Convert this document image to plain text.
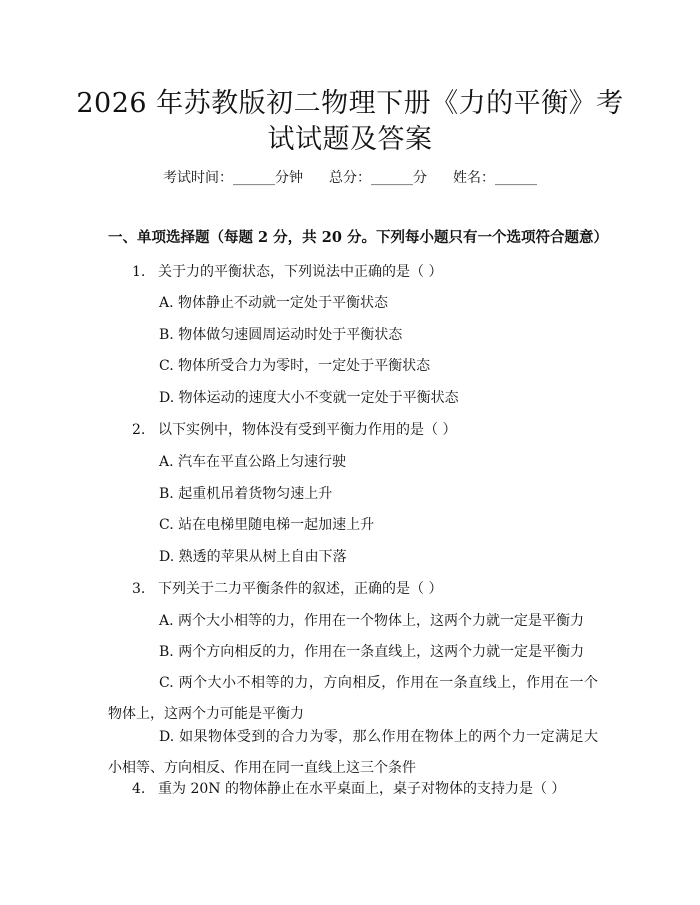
2026 年苏教版初二物理下册《力的平衡》考
试试题及答案
考试时间：______分钟 总分：______分 姓名：______
一、单项选择题（每题 2 分，共 20 分。下列每小题只有一个选项符合题意）
1. 关于力的平衡状态，下列说法中正确的是（ ）
A. 物体静止不动就一定处于平衡状态
B. 物体做匀速圆周运动时处于平衡状态
C. 物体所受合力为零时，一定处于平衡状态
D. 物体运动的速度大小不变就一定处于平衡状态
2. 以下实例中，物体没有受到平衡力作用的是（ ）
A. 汽车在平直公路上匀速行驶
B. 起重机吊着货物匀速上升
C. 站在电梯里随电梯一起加速上升
D. 熟透的苹果从树上自由下落
3. 下列关于二力平衡条件的叙述，正确的是（ ）
A. 两个大小相等的力，作用在一个物体上，这两个力就一定是平衡力
B. 两个方向相反的力，作用在一条直线上，这两个力就一定是平衡力
C. 两个大小不相等的力，方向相反，作用在一条直线上，作用在一个物体上，这两个力可能是平衡力
D. 如果物体受到的合力为零，那么作用在物体上的两个力一定满足大小相等、方向相反、作用在同一直线上这三个条件
4. 重为 20N 的物体静止在水平桌面上，桌子对物体的支持力是（ ）
